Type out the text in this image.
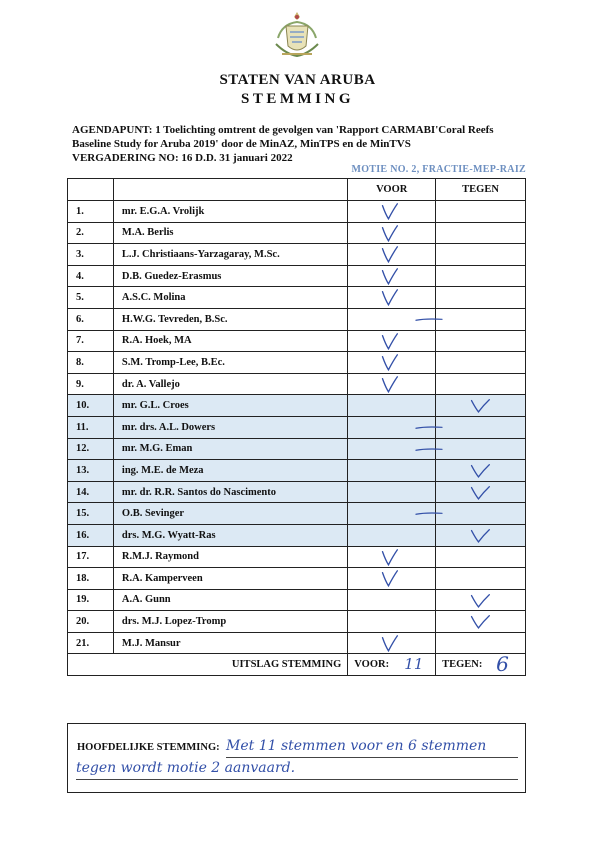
STATEN VAN ARUBA
STEMMING
AGENDAPUNT: 1 Toelichting omtrent de gevolgen van 'Rapport CARMABI'Coral Reefs
Baseline Study for Aruba 2019' door de MinAZ, MinTPS en de MinTVS
VERGADERING NO: 16 D.D. 31 januari 2022
MOTIE NO. 2, FRACTIE-MEP-RAIZ
		VOOR	TEGEN
1.	mr. E.G.A. Vrolijk	

2.	M.A. Berlis	

3.	L.J. Christiaans-Yarzagaray, M.Sc.	

4.	D.B. Guedez-Erasmus	

5.	A.S.C. Molina	

6.	H.W.G. Tevreden, B.Sc.		

7.	R.A. Hoek, MA	

8.	S.M. Tromp-Lee, B.Ec.	

9.	dr. A. Vallejo	

10.	mr. G.L. Croes		

11.	mr. drs. A.L. Dowers		

12.	mr. M.G. Eman		

13.	ing. M.E. de Meza		

14.	mr. dr. R.R. Santos do Nascimento		

15.	O.B. Sevinger		

16.	drs. M.G. Wyatt-Ras		

17.	R.M.J. Raymond	

18.	R.A. Kamperveen	

19.	A.A. Gunn		

20.	drs. M.J. Lopez-Tromp		

21.	M.J. Mansur	

UITSLAG STEMMING		VOOR: 11	TEGEN: 6
HOOFDELIJKE STEMMING: Met 11 stemmen voor en 6 stemmen
tegen wordt motie 2 aanvaard.
